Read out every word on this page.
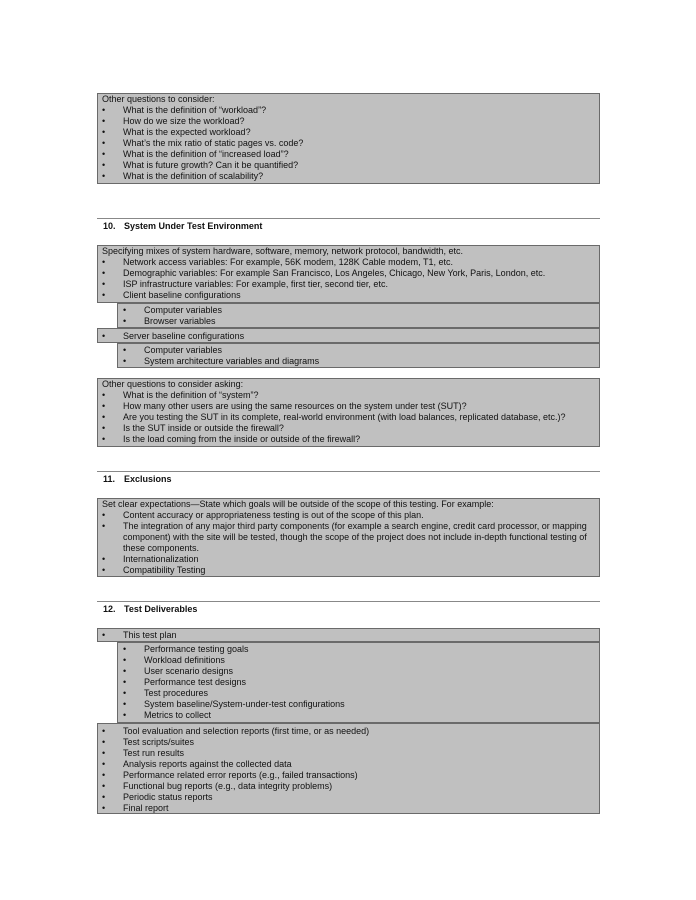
Other questions to consider:
• What is the definition of “workload”?
• How do we size the workload?
• What is the expected workload?
• What’s the mix ratio of static pages vs. code?
• What is the definition of “increased load”?
• What is future growth? Can it be quantified?
• What is the definition of scalability?
10. System Under Test Environment
Specifying mixes of system hardware, software, memory, network protocol, bandwidth, etc.
• Network access variables: For example, 56K modem, 128K Cable modem, T1, etc.
• Demographic variables: For example San Francisco, Los Angeles, Chicago, New York, Paris, London, etc.
• ISP infrastructure variables: For example, first tier, second tier, etc.
• Client baseline configurations
• Computer variables
• Browser variables
• Server baseline configurations
• Computer variables
• System architecture variables and diagrams
Other questions to consider asking:
• What is the definition of “system”?
• How many other users are using the same resources on the system under test (SUT)?
• Are you testing the SUT in its complete, real-world environment (with load balances, replicated database, etc.)?
• Is the SUT inside or outside the firewall?
• Is the load coming from the inside or outside of the firewall?
11. Exclusions
Set clear expectations—State which goals will be outside of the scope of this testing. For example:
• Content accuracy or appropriateness testing is out of the scope of this plan.
• The integration of any major third party components (for example a search engine, credit card processor, or mapping component) with the site will be tested, though the scope of the project does not include in-depth functional testing of these components.
• Internationalization
• Compatibility Testing
12. Test Deliverables
• This test plan
• Performance testing goals
• Workload definitions
• User scenario designs
• Performance test designs
• Test procedures
• System baseline/System-under-test configurations
• Metrics to collect
• Tool evaluation and selection reports (first time, or as needed)
• Test scripts/suites
• Test run results
• Analysis reports against the collected data
• Performance related error reports (e.g., failed transactions)
• Functional bug reports (e.g., data integrity problems)
• Periodic status reports
• Final report
